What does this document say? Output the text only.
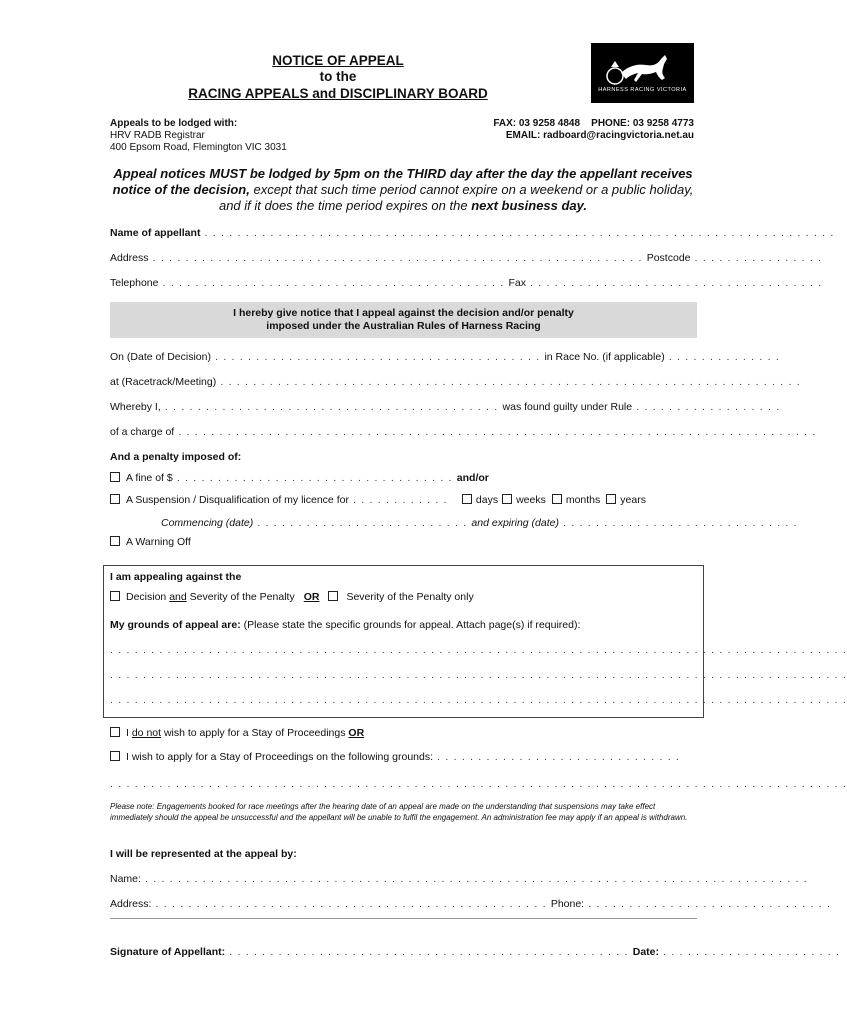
NOTICE OF APPEAL
to the
RACING APPEALS and DISCIPLINARY BOARD	HARNESS RACING VICTORIA
Appeals to be lodged with:
HRV RADB Registrar
400 Epsom Road, Flemington VIC 3031
FAX: 03 9258 4848    PHONE: 03 9258 4773
EMAIL: radboard@racingvictoria.net.au
Appeal notices MUST be lodged by 5pm on the THIRD day after the day the appellant receives notice of the decision, except that such time period cannot expire on a weekend or a public holiday, and if it does the time period expires on the next business day.
Name of appellant . . . . . . . . . . . . . . . . . . . . . . . . . . . . . . . . . . . . . . . . . . . . . . . . . . . . . . . . . . . . . . . . . . . . . . . . . . . . .
Address . . . . . . . . . . . . . . . . . . . . . . . . . . . . . . . . . . . . . . . . . . . . . . . . . . . . . . . . . . . . Postcode . . . . . . . . . . . . . . . .
Telephone . . . . . . . . . . . . . . . . . . . . . . . . . . . . . . . . . . . . . . . . . . Fax . . . . . . . . . . . . . . . . . . . . . . . . . . . . . . . . . . . .
I hereby give notice that I appeal against the decision and/or penalty
imposed under the Australian Rules of Harness Racing
On (Date of Decision) . . . . . . . . . . . . . . . . . . . . . . . . . . . . . . . . . . . . . . . . in Race No. (if applicable) . . . . . . . . . . . . . .
at (Racetrack/Meeting) . . . . . . . . . . . . . . . . . . . . . . . . . . . . . . . . . . . . . . . . . . . . . . . . . . . . . . . . . . . . . . . . . . . . . . .
Whereby I, . . . . . . . . . . . . . . . . . . . . . . . . . . . . . . . . . . . . . . . . . was found guilty under Rule . . . . . . . . . . . . . . . . . .
of a charge of . . . . . . . . . . . . . . . . . . . . . . . . . . . . . . . . . . . . . . . . . . . . . . . . . . . . . . . . . . . . . . . . . . . . . . . . . . . . . .
And a penalty imposed of:
A fine of $ . . . . . . . . . . . . . . . . . . . . . . . . . . . . . . . . . . and/or
A Suspension / Disqualification of my licence for . . . . . . . . . . . . days weeks months years
Commencing (date) . . . . . . . . . . . . . . . . . . . . . . . . . . and expiring (date) . . . . . . . . . . . . . . . . . . . . . . . . . . . . .
A Warning Off
I am appealing against the
Decision and Severity of the Penalty OR	Severity of the Penalty only
My grounds of appeal are: (Please state the specific grounds for appeal. Attach page(s) if required):
. . . . . . . . . . . . . . . . . . . . . . . . . . . . . . . . . . . . . . . . . . . . . . . . . . . . . . . . . . . . . . . . . . . . . . . . . . . . . . . . . . . . . . . . . .
. . . . . . . . . . . . . . . . . . . . . . . . . . . . . . . . . . . . . . . . . . . . . . . . . . . . . . . . . . . . . . . . . . . . . . . . . . . . . . . . . . . . . . . . . .
. . . . . . . . . . . . . . . . . . . . . . . . . . . . . . . . . . . . . . . . . . . . . . . . . . . . . . . . . . . . . . . . . . . . . . . . . . . . . . . . . . . . . . . . . .
I do not wish to apply for a Stay of Proceedings OR
I wish to apply for a Stay of Proceedings on the following grounds: . . . . . . . . . . . . . . . . . . . . . . . . . . . . . .
. . . . . . . . . . . . . . . . . . . . . . . . . . . . . . . . . . . . . . . . . . . . . . . . . . . . . . . . . . . . . . . . . . . . . . . . . . . . . . . . . . . . . . . . . .
Please note: Engagements booked for race meetings after the hearing date of an appeal are made on the understanding that suspensions may take effect immediately should the appeal be unsuccessful and the appellant will be unable to fulfil the engagement. An administration fee may apply if an appeal is withdrawn.
I will be represented at the appeal by:
Name: . . . . . . . . . . . . . . . . . . . . . . . . . . . . . . . . . . . . . . . . . . . . . . . . . . . . . . . . . . . . . . . . . . . . . . . . . . . . . . . . .
Address: . . . . . . . . . . . . . . . . . . . . . . . . . . . . . . . . . . . . . . . . . . . . . . . . Phone: . . . . . . . . . . . . . . . . . . . . . . . . . . . . . .
Signature of Appellant: . . . . . . . . . . . . . . . . . . . . . . . . . . . . . . . . . . . . . . . . . . . . . . . . . Date: . . . . . . . . . . . . . . . . . . . . . .
